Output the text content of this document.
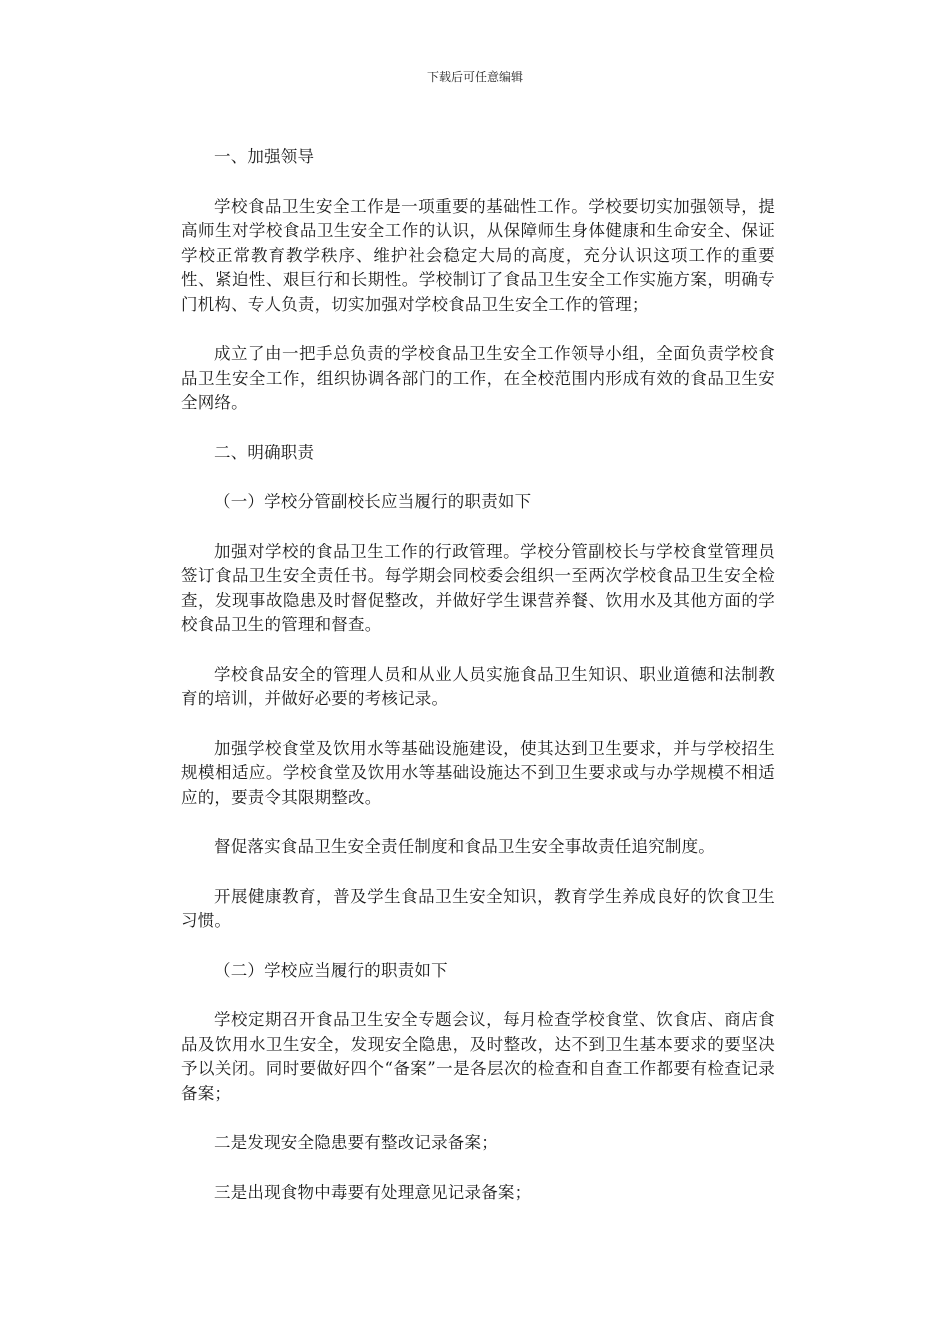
下载后可任意编辑

一、加强领导

学校食品卫生安全工作是一项重要的基础性工作。学校要切实加强领导，提高师生对学校食品卫生安全工作的认识，从保障师生身体健康和生命安全、保证学校正常教育教学秩序、维护社会稳定大局的高度，充分认识这项工作的重要性、紧迫性、艰巨行和长期性。学校制订了食品卫生安全工作实施方案，明确专门机构、专人负责，切实加强对学校食品卫生安全工作的管理；

成立了由一把手总负责的学校食品卫生安全工作领导小组，全面负责学校食品卫生安全工作，组织协调各部门的工作，在全校范围内形成有效的食品卫生安全网络。

二、明确职责

（一）学校分管副校长应当履行的职责如下

加强对学校的食品卫生工作的行政管理。学校分管副校长与学校食堂管理员签订食品卫生安全责任书。每学期会同校委会组织一至两次学校食品卫生安全检查，发现事故隐患及时督促整改，并做好学生课营养餐、饮用水及其他方面的学校食品卫生的管理和督查。

学校食品安全的管理人员和从业人员实施食品卫生知识、职业道德和法制教育的培训，并做好必要的考核记录。

加强学校食堂及饮用水等基础设施建设，使其达到卫生要求，并与学校招生规模相适应。学校食堂及饮用水等基础设施达不到卫生要求或与办学规模不相适应的，要责令其限期整改。

督促落实食品卫生安全责任制度和食品卫生安全事故责任追究制度。

开展健康教育，普及学生食品卫生安全知识，教育学生养成良好的饮食卫生习惯。

（二）学校应当履行的职责如下

学校定期召开食品卫生安全专题会议，每月检查学校食堂、饮食店、商店食品及饮用水卫生安全，发现安全隐患，及时整改，达不到卫生基本要求的要坚决予以关闭。同时要做好四个“备案”一是各层次的检查和自查工作都要有检查记录备案；

二是发现安全隐患要有整改记录备案；

三是出现食物中毒要有处理意见记录备案；
